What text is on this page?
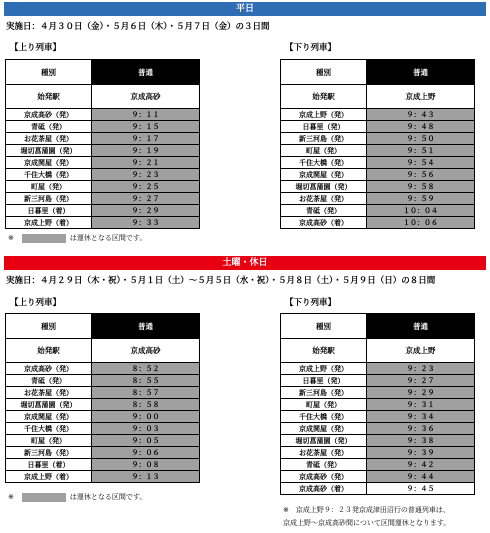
平日
実施日：４月３０日（金）・５月６日（木）・５月７日（金）の３日間
【上り列車】	【下り列車】
種別	普通
始発駅	京成高砂
京成高砂（発）	９：１１
青砥（発）	９：１５
お花茶屋（発）	９：１７
堀切菖蒲園（発）	９：１９
京成関屋（発）	９：２１
千住大橋（発）	９：２３
町屋（発）	９：２５
新三河島（発）	９：２７
日暮里（着）	９：２９
京成上野（着）	９：３３
種別	普通
始発駅	京成上野
京成上野（発）	９：４３
日暮里（発）	９：４８
新三河島（発）	９：５０
町屋（発）	９：５１
千住大橋（発）	９：５４
京成関屋（発）	９：５６
堀切菖蒲園（発）	９：５８
お花茶屋（発）	９：５９
青砥（発）	１０：０４
京成高砂（着）	１０：０６
※	は運休となる区間です。
土曜・休日
実施日：４月２９日（木・祝）・５月１日（土）～５月５日（水・祝）・５月８日（土）・５月９日（日）の８日間
【上り列車】	【下り列車】
種別	普通
始発駅	京成高砂
京成高砂（発）	８：５２
青砥（発）	８：５５
お花茶屋（発）	８：５７
堀切菖蒲園（発）	８：５８
京成関屋（発）	９：００
千住大橋（発）	９：０３
町屋（発）	９：０５
新三河島（発）	９：０６
日暮里（着）	９：０８
京成上野（着）	９：１３
種別	普通
始発駅	京成上野
京成上野（発）	９：２３
日暮里（発）	９：２７
新三河島（発）	９：２９
町屋（発）	９：３１
千住大橋（発）	９：３４
京成関屋（発）	９：３６
堀切菖蒲園（発）	９：３８
お花茶屋（発）	９：３９
青砥（発）	９：４２
京成高砂（発）	９：４４
京成高砂（着）	９：４５
※	は運休となる区間です。
※　京成上野９：２３発京成津田沼行の普通列車は、
京成上野～京成高砂間について区間運休となります。
